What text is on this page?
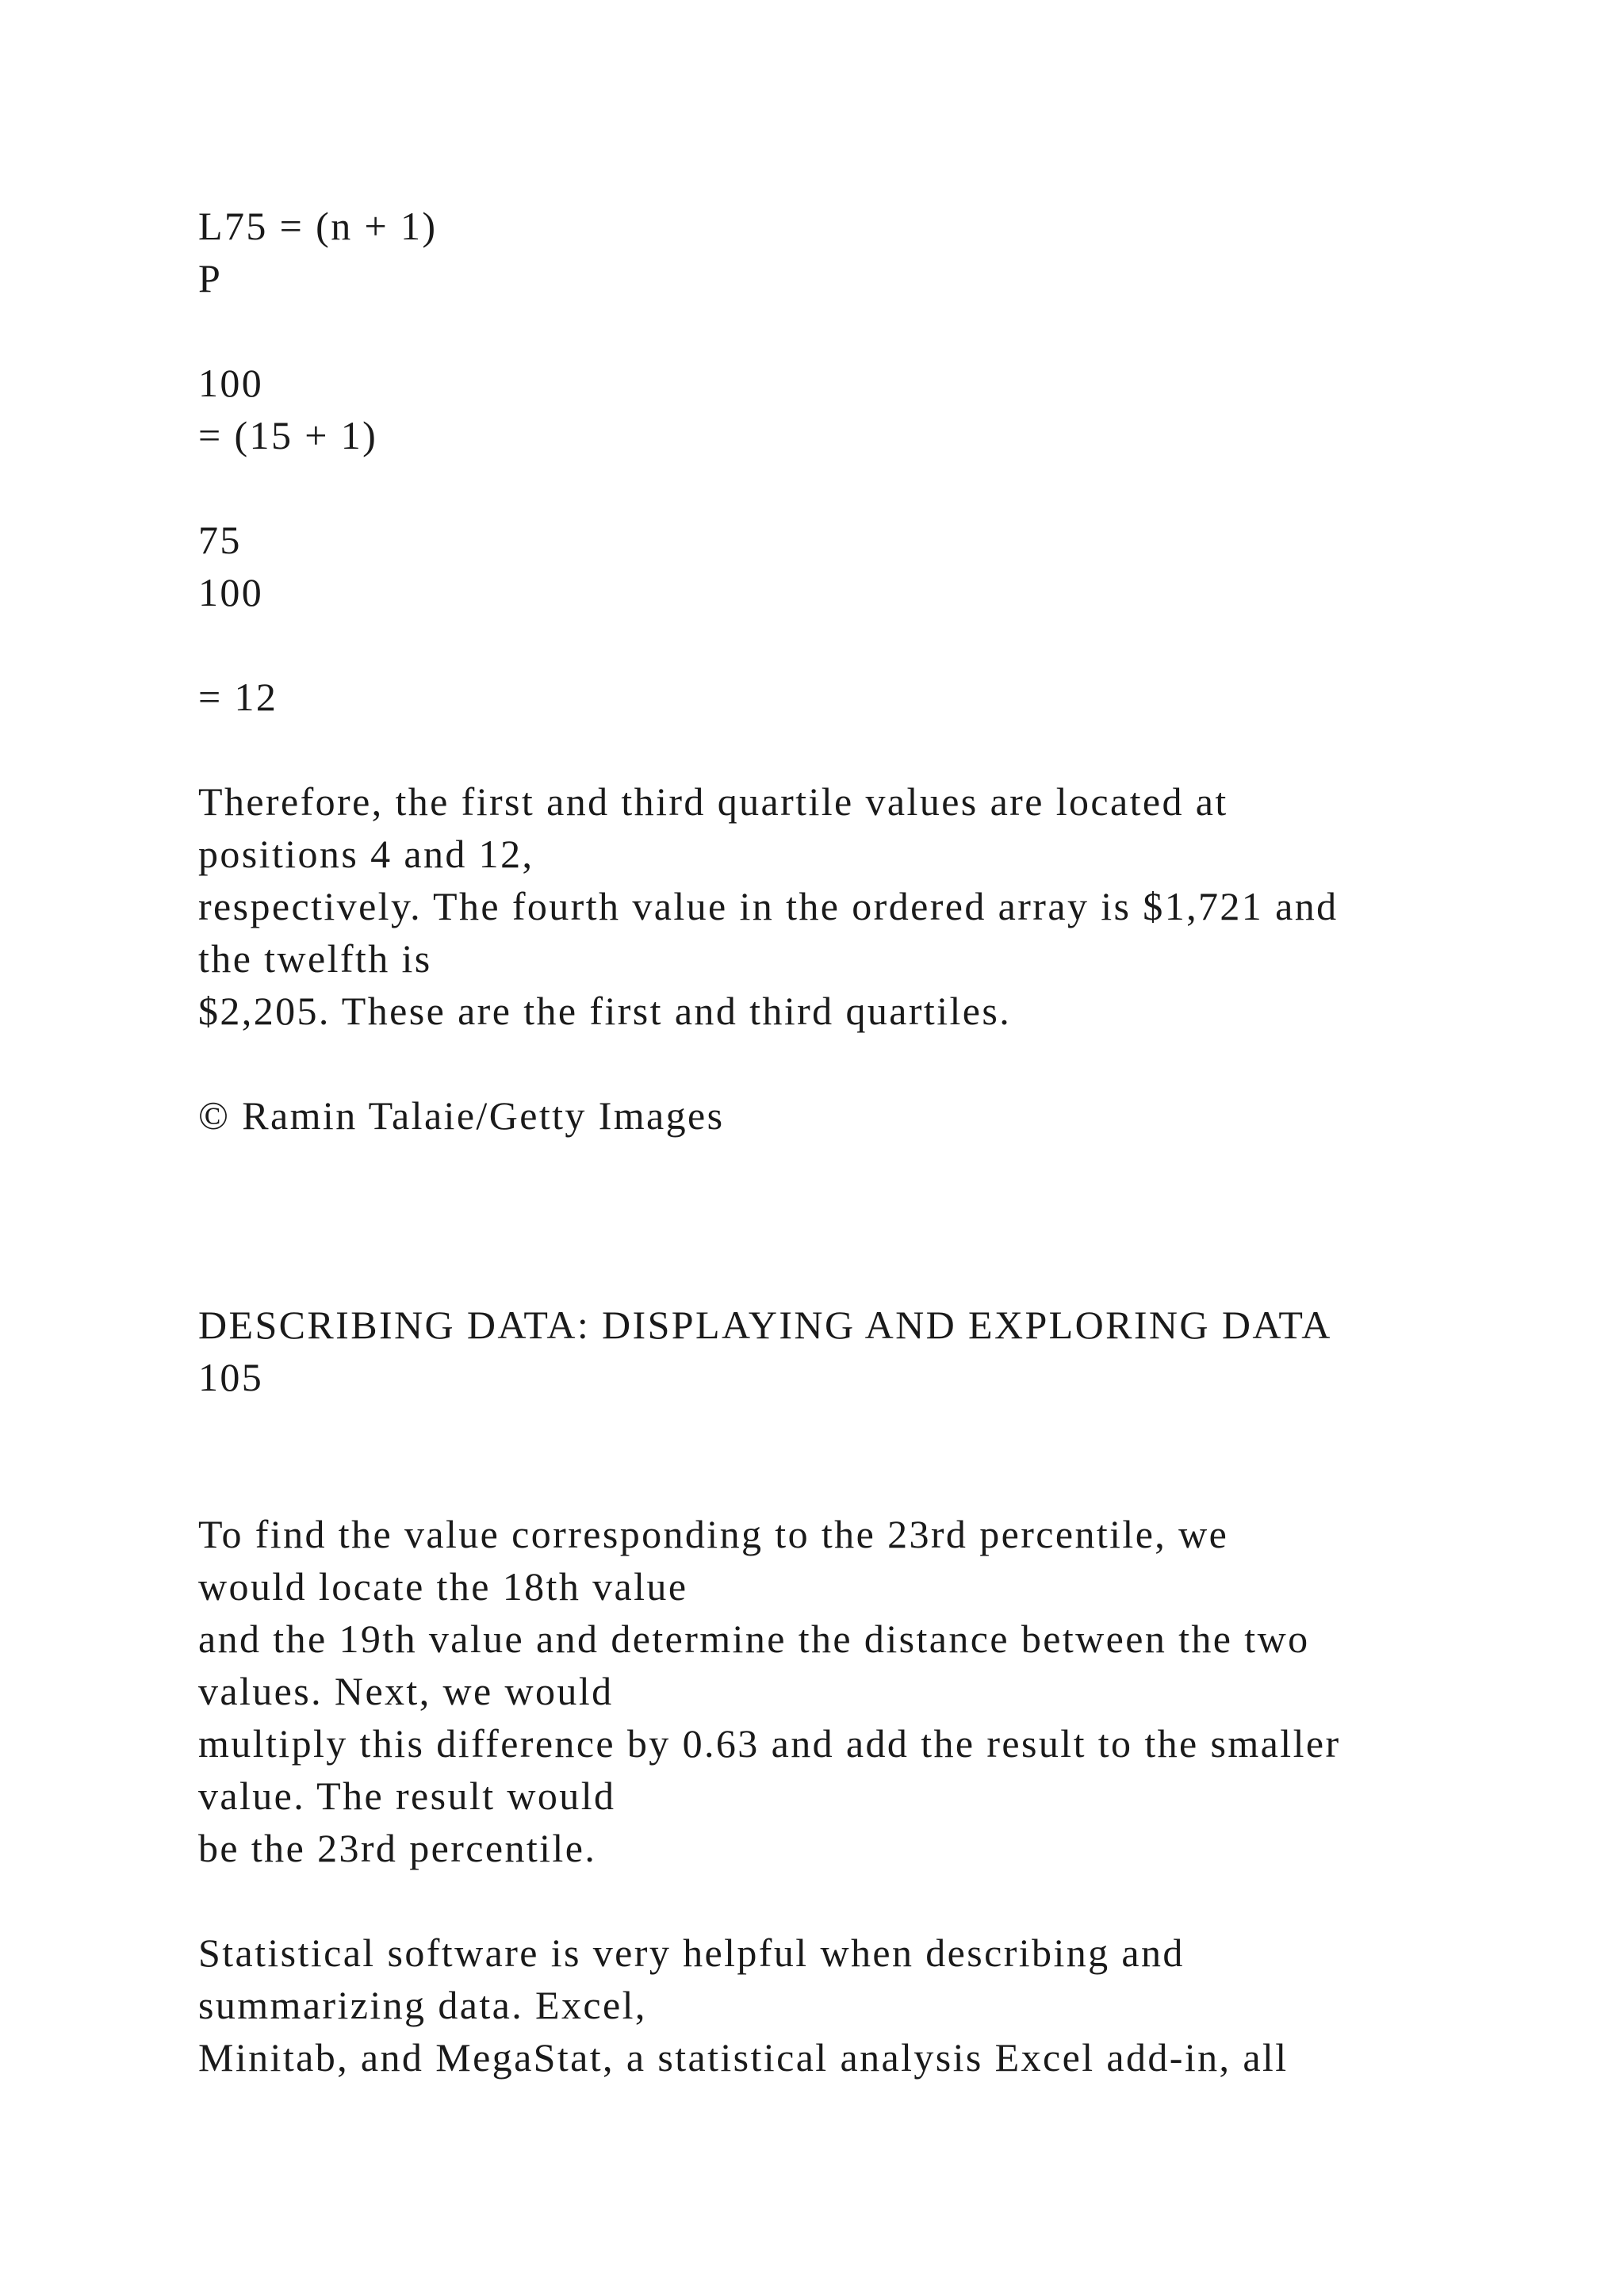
L75 = (n + 1)

P

100

= (15 + 1)

75

100

= 12

Therefore, the first and third quartile values are located at

positions 4 and 12,

respectively. The fourth value in the ordered array is $1,721 and

the twelfth is

$2,205. These are the first and third quartiles.

© Ramin Talaie/Getty Images

DESCRIBING DATA: DISPLAYING AND EXPLORING DATA

105

To find the value corresponding to the 23rd percentile, we

would locate the 18th value

and the 19th value and determine the distance between the two

values. Next, we would

multiply this difference by 0.63 and add the result to the smaller

value. The result would

be the 23rd percentile.

Statistical software is very helpful when describing and

summarizing data. Excel,

Minitab, and MegaStat, a statistical analysis Excel add-in, all
